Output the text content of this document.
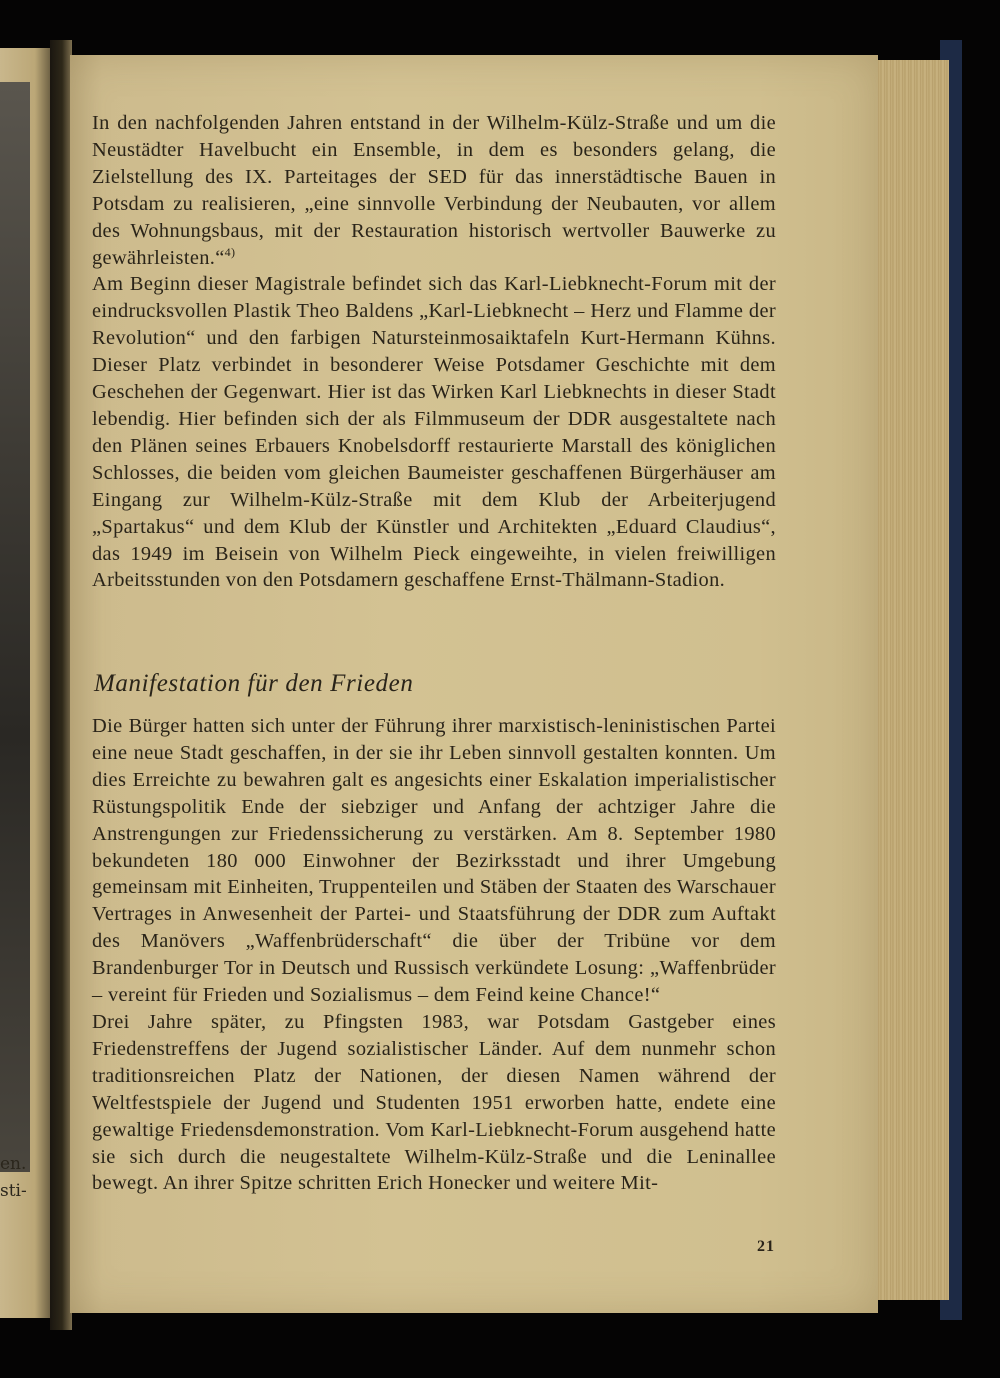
en.
sti-

In den nachfolgenden Jahren entstand in der Wilhelm-Külz-Straße und um die Neustädter Havelbucht ein Ensemble, in dem es besonders gelang, die Zielstellung des IX. Parteitages der SED für das innerstädtische Bauen in Potsdam zu realisieren, „eine sinnvolle Verbindung der Neubauten, vor allem des Wohnungsbaus, mit der Restauration historisch wertvoller Bauwerke zu gewährleisten.“$^{4)}$

Am Beginn dieser Magistrale befindet sich das Karl-Liebknecht-Forum mit der eindrucksvollen Plastik Theo Baldens „Karl-Liebknecht – Herz und Flamme der Revolution“ und den farbigen Natursteinmosaiktafeln Kurt-Hermann Kühns. Dieser Platz verbindet in besonderer Weise Potsdamer Geschichte mit dem Geschehen der Gegenwart. Hier ist das Wirken Karl Liebknechts in dieser Stadt lebendig. Hier befinden sich der als Filmmuseum der DDR ausgestaltete nach den Plänen seines Erbauers Knobelsdorff restaurierte Marstall des königlichen Schlosses, die beiden vom gleichen Baumeister geschaffenen Bürgerhäuser am Eingang zur Wilhelm-Külz-Straße mit dem Klub der Arbeiterjugend „Spartakus“ und dem Klub der Künstler und Architekten „Eduard Claudius“, das 1949 im Beisein von Wilhelm Pieck eingeweihte, in vielen freiwilligen Arbeitsstunden von den Potsdamern geschaffene Ernst-Thälmann-Stadion.

Manifestation für den Frieden

Die Bürger hatten sich unter der Führung ihrer marxistisch-leninistischen Partei eine neue Stadt geschaffen, in der sie ihr Leben sinnvoll gestalten konnten. Um dies Erreichte zu bewahren galt es angesichts einer Eskalation imperialistischer Rüstungspolitik Ende der siebziger und Anfang der achtziger Jahre die Anstrengungen zur Friedenssicherung zu verstärken. Am 8. September 1980 bekundeten 180 000 Einwohner der Bezirksstadt und ihrer Umgebung gemeinsam mit Einheiten, Truppenteilen und Stäben der Staaten des Warschauer Vertrages in Anwesenheit der Partei- und Staatsführung der DDR zum Auftakt des Manövers „Waffenbrüderschaft“ die über der Tribüne vor dem Brandenburger Tor in Deutsch und Russisch verkündete Losung: „Waffenbrüder – vereint für Frieden und Sozialismus – dem Feind keine Chance!“

Drei Jahre später, zu Pfingsten 1983, war Potsdam Gastgeber eines Friedenstreffens der Jugend sozialistischer Länder. Auf dem nunmehr schon traditionsreichen Platz der Nationen, der diesen Namen während der Weltfestspiele der Jugend und Studenten 1951 erworben hatte, endete eine gewaltige Friedensdemonstration. Vom Karl-Liebknecht-Forum ausgehend hatte sie sich durch die neugestaltete Wilhelm-Külz-Straße und die Leninallee bewegt. An ihrer Spitze schritten Erich Honecker und weitere Mit-

21
